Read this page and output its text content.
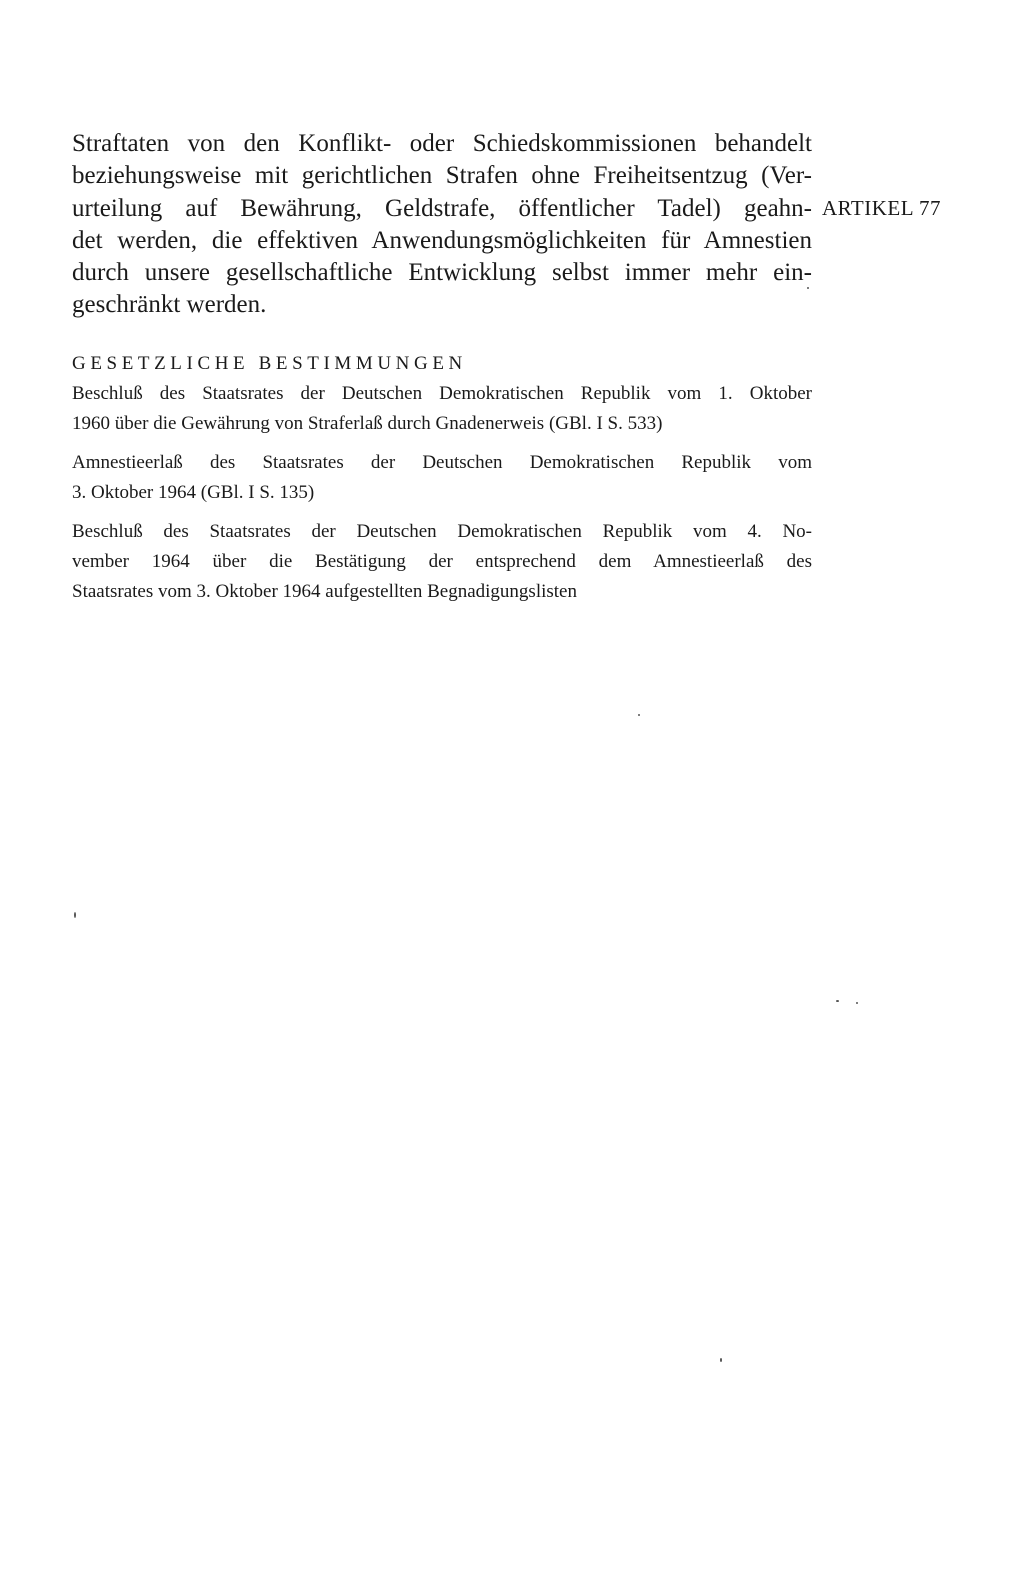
Straftaten von den Konflikt- oder Schiedskommissionen behandelt
beziehungsweise mit gerichtlichen Strafen ohne Freiheitsentzug (Ver-
urteilung auf Bewährung, Geldstrafe, öffentlicher Tadel) geahn-
det werden, die effektiven Anwendungsmöglichkeiten für Amnestien
durch unsere gesellschaftliche Entwicklung selbst immer mehr ein-
geschränkt werden.
ARTIKEL 77
GESETZLICHE BESTIMMUNGEN
Beschluß des Staatsrates der Deutschen Demokratischen Republik vom 1. Oktober
1960 über die Gewährung von Straferlaß durch Gnadenerweis (GBl. I S. 533)
Amnestieerlaß des Staatsrates der Deutschen Demokratischen Republik vom
3. Oktober 1964 (GBl. I S. 135)
Beschluß des Staatsrates der Deutschen Demokratischen Republik vom 4. No-
vember 1964 über die Bestätigung der entsprechend dem Amnestieerlaß des
Staatsrates vom 3. Oktober 1964 aufgestellten Begnadigungslisten
